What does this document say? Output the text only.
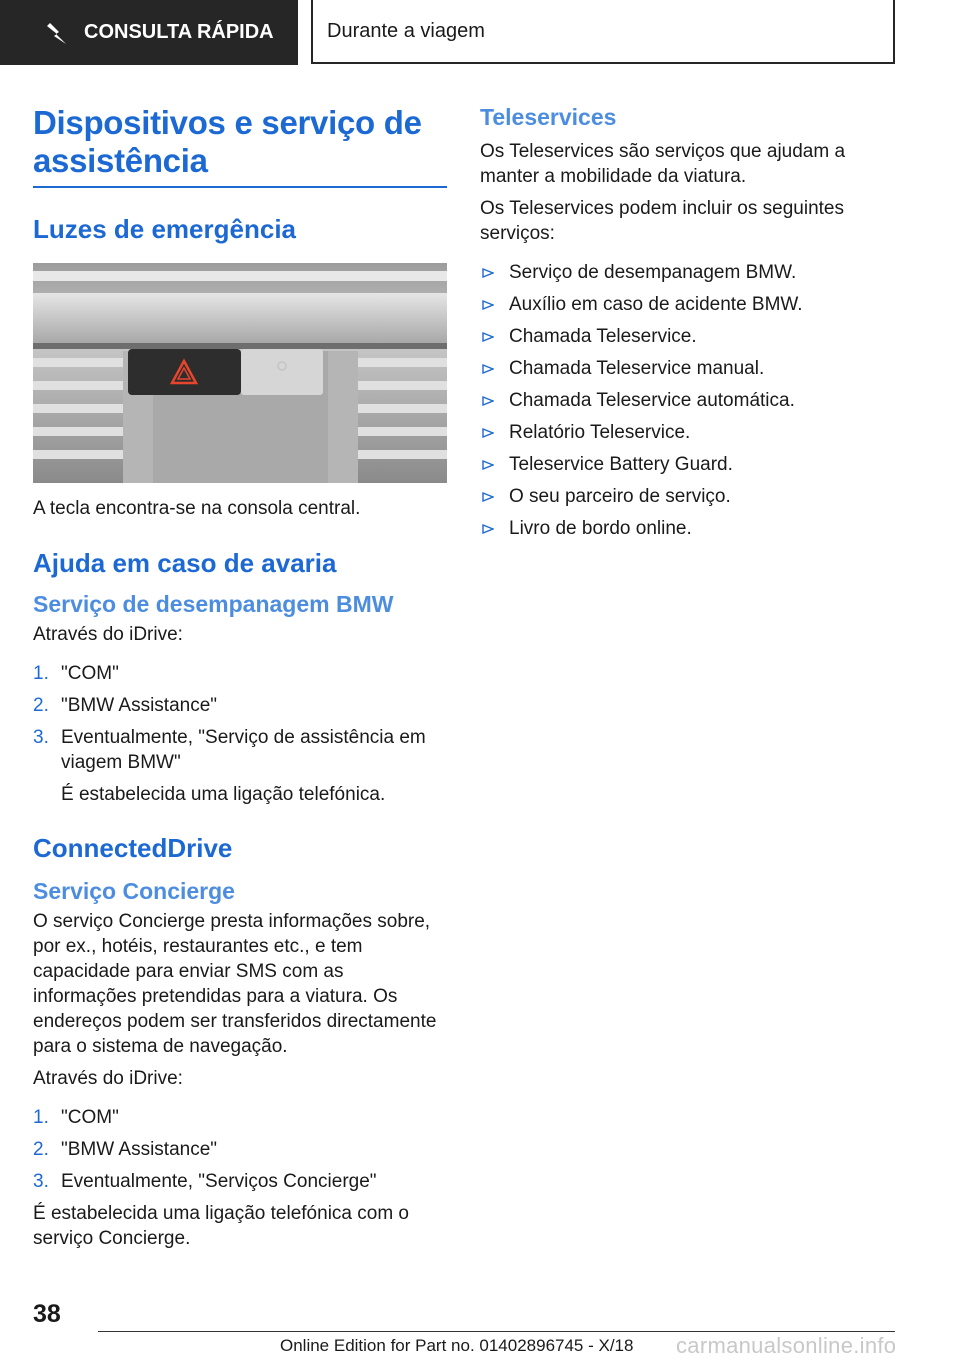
CONSULTA RÁPIDA	Durante a viagem
Dispositivos e serviço de assistência
Luzes de emergência

A tecla encontra-se na consola central.

Ajuda em caso de avaria
Serviço de desempanagem BMW

Através do iDrive:

1. "COM"
2. "BMW Assistance"
3. Eventualmente, "Serviço de assistência em viagem BMW"

É estabelecida uma ligação telefónica.

ConnectedDrive
Serviço Concierge

O serviço Concierge presta informações sobre, por ex., hotéis, restaurantes etc., e tem capacidade para enviar SMS com as informações pretendidas para a viatura. Os endereços podem ser transferidos directamente para o sistema de navegação.

Através do iDrive:

1. "COM"
2. "BMW Assistance"
3. Eventualmente, "Serviços Concierge"

É estabelecida uma ligação telefónica com o serviço Concierge.

Teleservices

Os Teleservices são serviços que ajudam a manter a mobilidade da viatura.

Os Teleservices podem incluir os seguintes serviços:

Serviço de desempanagem BMW.
Auxílio em caso de acidente BMW.
Chamada Teleservice.
Chamada Teleservice manual.
Chamada Teleservice automática.
Relatório Teleservice.
Teleservice Battery Guard.
O seu parceiro de serviço.
Livro de bordo online.
38
Online Edition for Part no. 01402896745 - X/18 carmanualsonline.info
